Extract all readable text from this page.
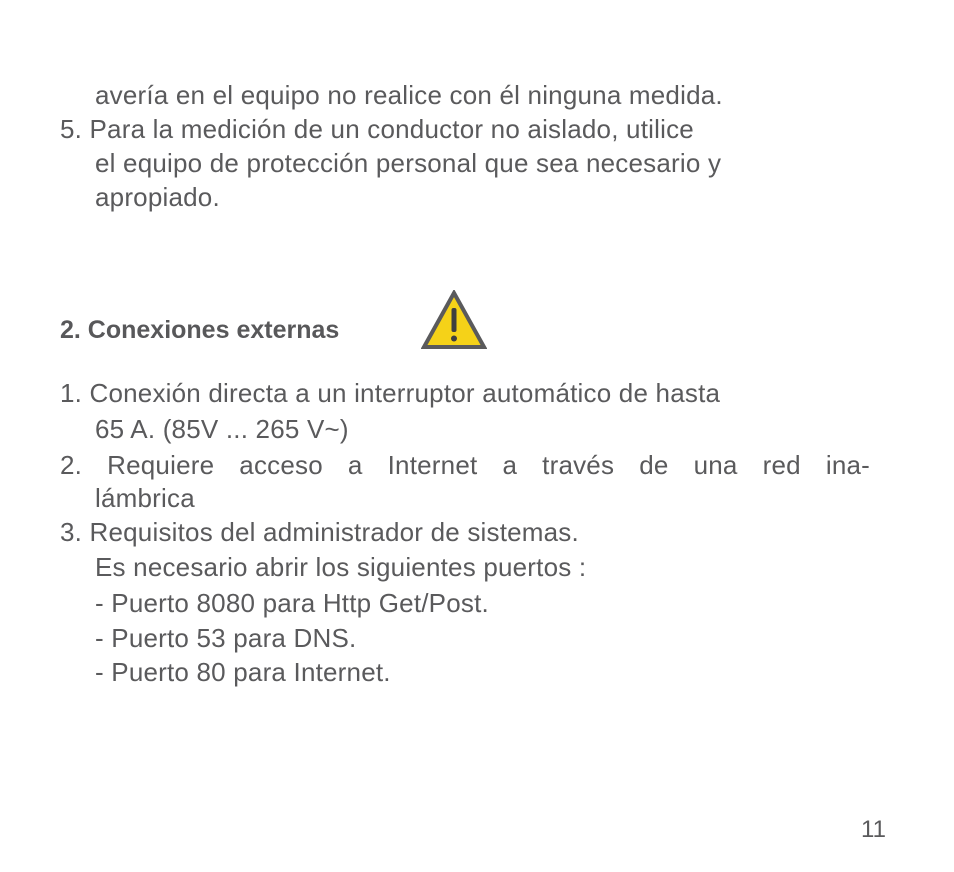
avería en el equipo no realice con él ninguna medida.
5. Para la medición de un conductor no aislado, utilice
el equipo de protección personal que sea necesario y
apropiado.
2. Conexiones externas
1. Conexión directa a un interruptor automático de hasta
65 A. (85V ... 265 V~)
2. Requiere acceso a Internet a través de una red ina-
lámbrica
3. Requisitos del administrador de sistemas.
Es necesario abrir los siguientes puertos :
- Puerto 8080 para Http Get/Post.
- Puerto 53 para DNS.
- Puerto 80 para Internet.
11
